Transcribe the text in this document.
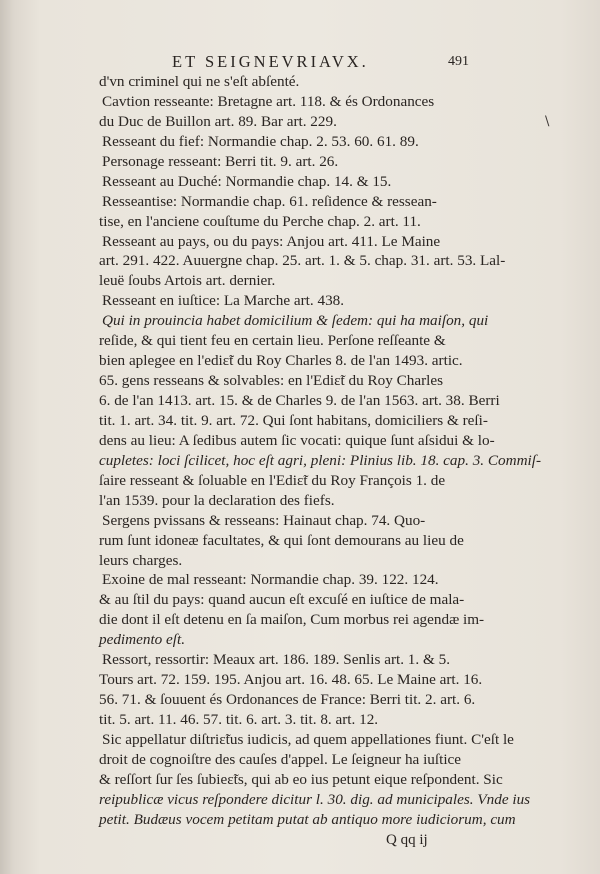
ET SEIGNEVRIAVX.	491
\
d'vn criminel qui ne s'eſt abſenté.
Cavtion resseante: Bretagne art. 118. & és Ordonances
du Duc de Buillon art. 89. Bar art. 229.
Resseant du fief: Normandie chap. 2. 53. 60. 61. 89.
Personage resseant: Berri tit. 9. art. 26.
Resseant au Duché: Normandie chap. 14. & 15.
Resseantise: Normandie chap. 61. reſidence & ressean-
tise, en l'anciene couſtume du Perche chap. 2. art. 11.
Resseant au pays, ou du pays: Anjou art. 411. Le Maine
art. 291. 422. Auuergne chap. 25. art. 1. & 5. chap. 31. art. 53. Lal-
leuë ſoubs Artois art. dernier.
Resseant en iuſtice: La Marche art. 438.
Qui in prouincia habet domicilium & ſedem: qui ha maiſon, qui
reſide, & qui tient feu en certain lieu. Perſone reſſeante &
bien aplegee en l'ediɛ̃t du Roy Charles 8. de l'an 1493. artic.
65. gens resseans & solvables: en l'Ediɛ̃t du Roy Charles
6. de l'an 1413. art. 15. & de Charles 9. de l'an 1563. art. 38. Berri
tit. 1. art. 34. tit. 9. art. 72. Qui ſont habitans, domiciliers & reſi-
dens au lieu: A ſedibus autem ſic vocati: quique ſunt aſsidui & lo-
cupletes: loci ſcilicet, hoc eſt agri, pleni: Plinius lib. 18. cap. 3. Commiſ-
ſaire resseant & ſoluable en l'Ediɛ̃t du Roy François 1. de
l'an 1539. pour la declaration des fiefs.
Sergens pvissans & resseans: Hainaut chap. 74. Quo-
rum ſunt idoneæ facultates, & qui ſont demourans au lieu de
leurs charges.
Exoine de mal resseant: Normandie chap. 39. 122. 124.
& au ſtil du pays: quand aucun eſt excuſé en iuſtice de mala-
die dont il eſt detenu en ſa maiſon, Cum morbus rei agendæ im-
pedimento eſt.
Ressort, ressortir: Meaux art. 186. 189. Senlis art. 1. & 5.
Tours art. 72. 159. 195. Anjou art. 16. 48. 65. Le Maine art. 16.
56. 71. & ſouuent és Ordonances de France: Berri tit. 2. art. 6.
tit. 5. art. 11. 46. 57. tit. 6. art. 3. tit. 8. art. 12.
Sic appellatur diſtriɛ̃tus iudicis, ad quem appellationes fiunt. C'eſt le
droit de cognoiſtre des cauſes d'appel. Le ſeigneur ha iuſtice
& reſſort ſur ſes ſubieɛ̃ts, qui ab eo ius petunt eique reſpondent. Sic
reipublicæ vicus reſpondere dicitur l. 30. dig. ad municipales. Vnde ius
petit. Budæus vocem petitam putat ab antiquo more iudiciorum, cum
Q qq ij
